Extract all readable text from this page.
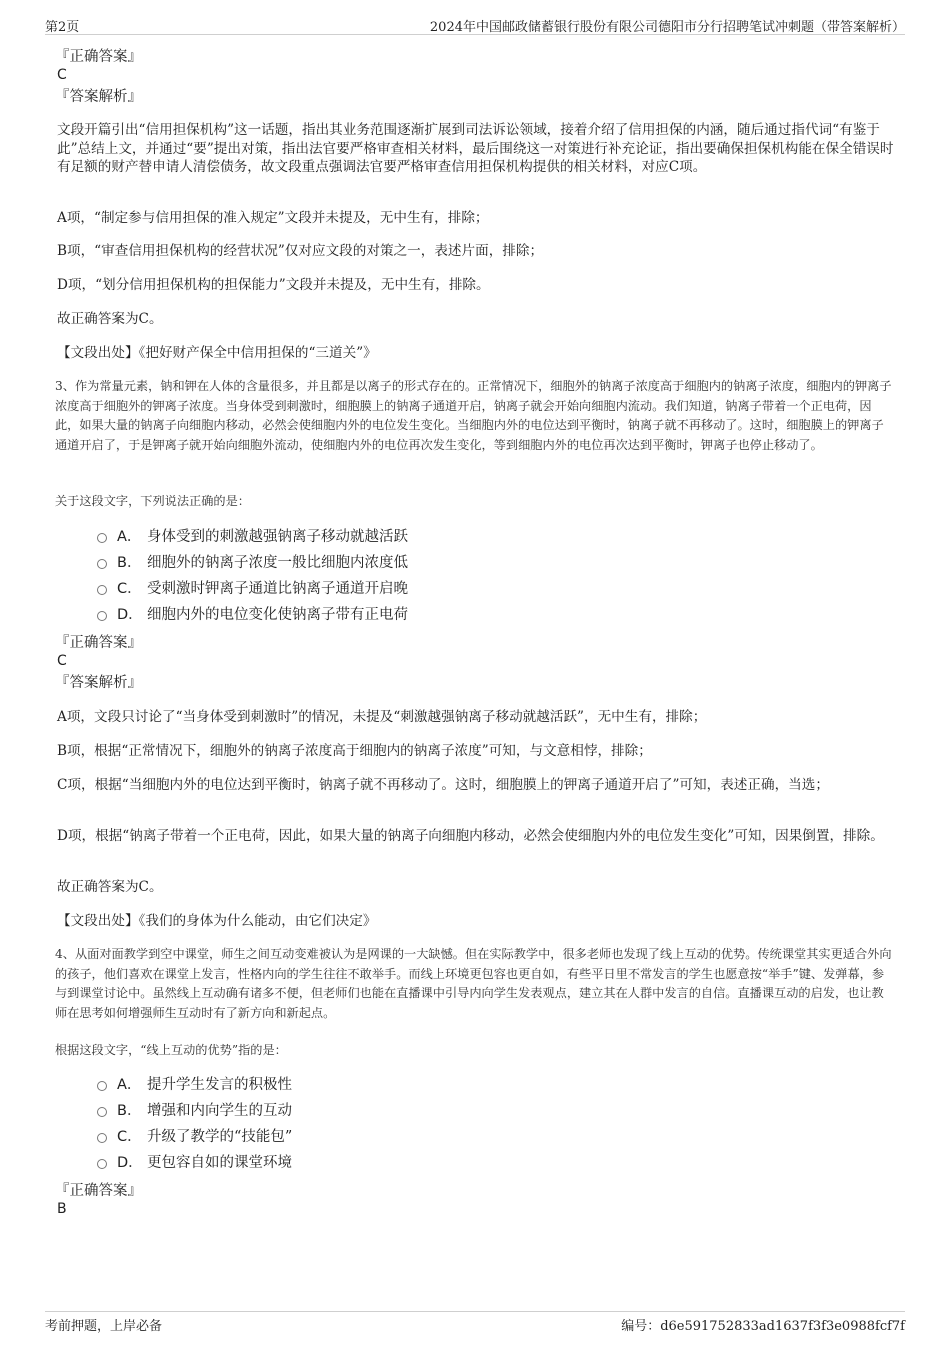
第2页	2024年中国邮政储蓄银行股份有限公司德阳市分行招聘笔试冲刺题（带答案解析）
『正确答案』
C
『答案解析』
文段开篇引出“信用担保机构”这一话题，指出其业务范围逐渐扩展到司法诉讼领域，接着介绍了信用担保的内涵，随后通过指代词“有鉴于此”总结上文，并通过“要”提出对策，指出法官要严格审查相关材料，最后围绕这一对策进行补充论证，指出要确保担保机构能在保全错误时有足额的财产替申请人清偿债务，故文段重点强调法官要严格审查信用担保机构提供的相关材料，对应C项。
A项，“制定参与信用担保的准入规定”文段并未提及，无中生有，排除；
B项，“审查信用担保机构的经营状况”仅对应文段的对策之一，表述片面，排除；
D项，“划分信用担保机构的担保能力”文段并未提及，无中生有，排除。
故正确答案为C。
【文段出处】《把好财产保全中信用担保的“三道关”》
3、作为常量元素，钠和钾在人体的含量很多，并且都是以离子的形式存在的。正常情况下，细胞外的钠离子浓度高于细胞内的钠离子浓度，细胞内的钾离子浓度高于细胞外的钾离子浓度。当身体受到刺激时，细胞膜上的钠离子通道开启，钠离子就会开始向细胞内流动。我们知道，钠离子带着一个正电荷，因此，如果大量的钠离子向细胞内移动，必然会使细胞内外的电位发生变化。当细胞内外的电位达到平衡时，钠离子就不再移动了。这时，细胞膜上的钾离子通道开启了，于是钾离子就开始向细胞外流动，使细胞内外的电位再次发生变化，等到细胞内外的电位再次达到平衡时，钾离子也停止移动了。
关于这段文字，下列说法正确的是：
A． 身体受到的刺激越强钠离子移动就越活跃
B． 细胞外的钠离子浓度一般比细胞内浓度低
C． 受刺激时钾离子通道比钠离子通道开启晚
D． 细胞内外的电位变化使钠离子带有正电荷
『正确答案』
C
『答案解析』
A项，文段只讨论了“当身体受到刺激时”的情况，未提及“刺激越强钠离子移动就越活跃”，无中生有，排除；
B项，根据“正常情况下，细胞外的钠离子浓度高于细胞内的钠离子浓度”可知，与文意相悖，排除；
C项，根据“当细胞内外的电位达到平衡时，钠离子就不再移动了。这时，细胞膜上的钾离子通道开启了”可知，表述正确，当选；
D项，根据“钠离子带着一个正电荷，因此，如果大量的钠离子向细胞内移动，必然会使细胞内外的电位发生变化”可知，因果倒置，排除。
故正确答案为C。
【文段出处】《我们的身体为什么能动，由它们决定》
4、从面对面教学到空中课堂，师生之间互动变难被认为是网课的一大缺憾。但在实际教学中，很多老师也发现了线上互动的优势。传统课堂其实更适合外向的孩子，他们喜欢在课堂上发言，性格内向的学生往往不敢举手。而线上环境更包容也更自如，有些平日里不常发言的学生也愿意按“举手”键、发弹幕，参与到课堂讨论中。虽然线上互动确有诸多不便，但老师们也能在直播课中引导内向学生发表观点，建立其在人群中发言的自信。直播课互动的启发，也让教师在思考如何增强师生互动时有了新方向和新起点。
根据这段文字，“线上互动的优势”指的是：
A． 提升学生发言的积极性
B． 增强和内向学生的互动
C． 升级了教学的“技能包”
D． 更包容自如的课堂环境
『正确答案』
B
考前押题，上岸必备	编号：d6e591752833ad1637f3f3e0988fcf7f
